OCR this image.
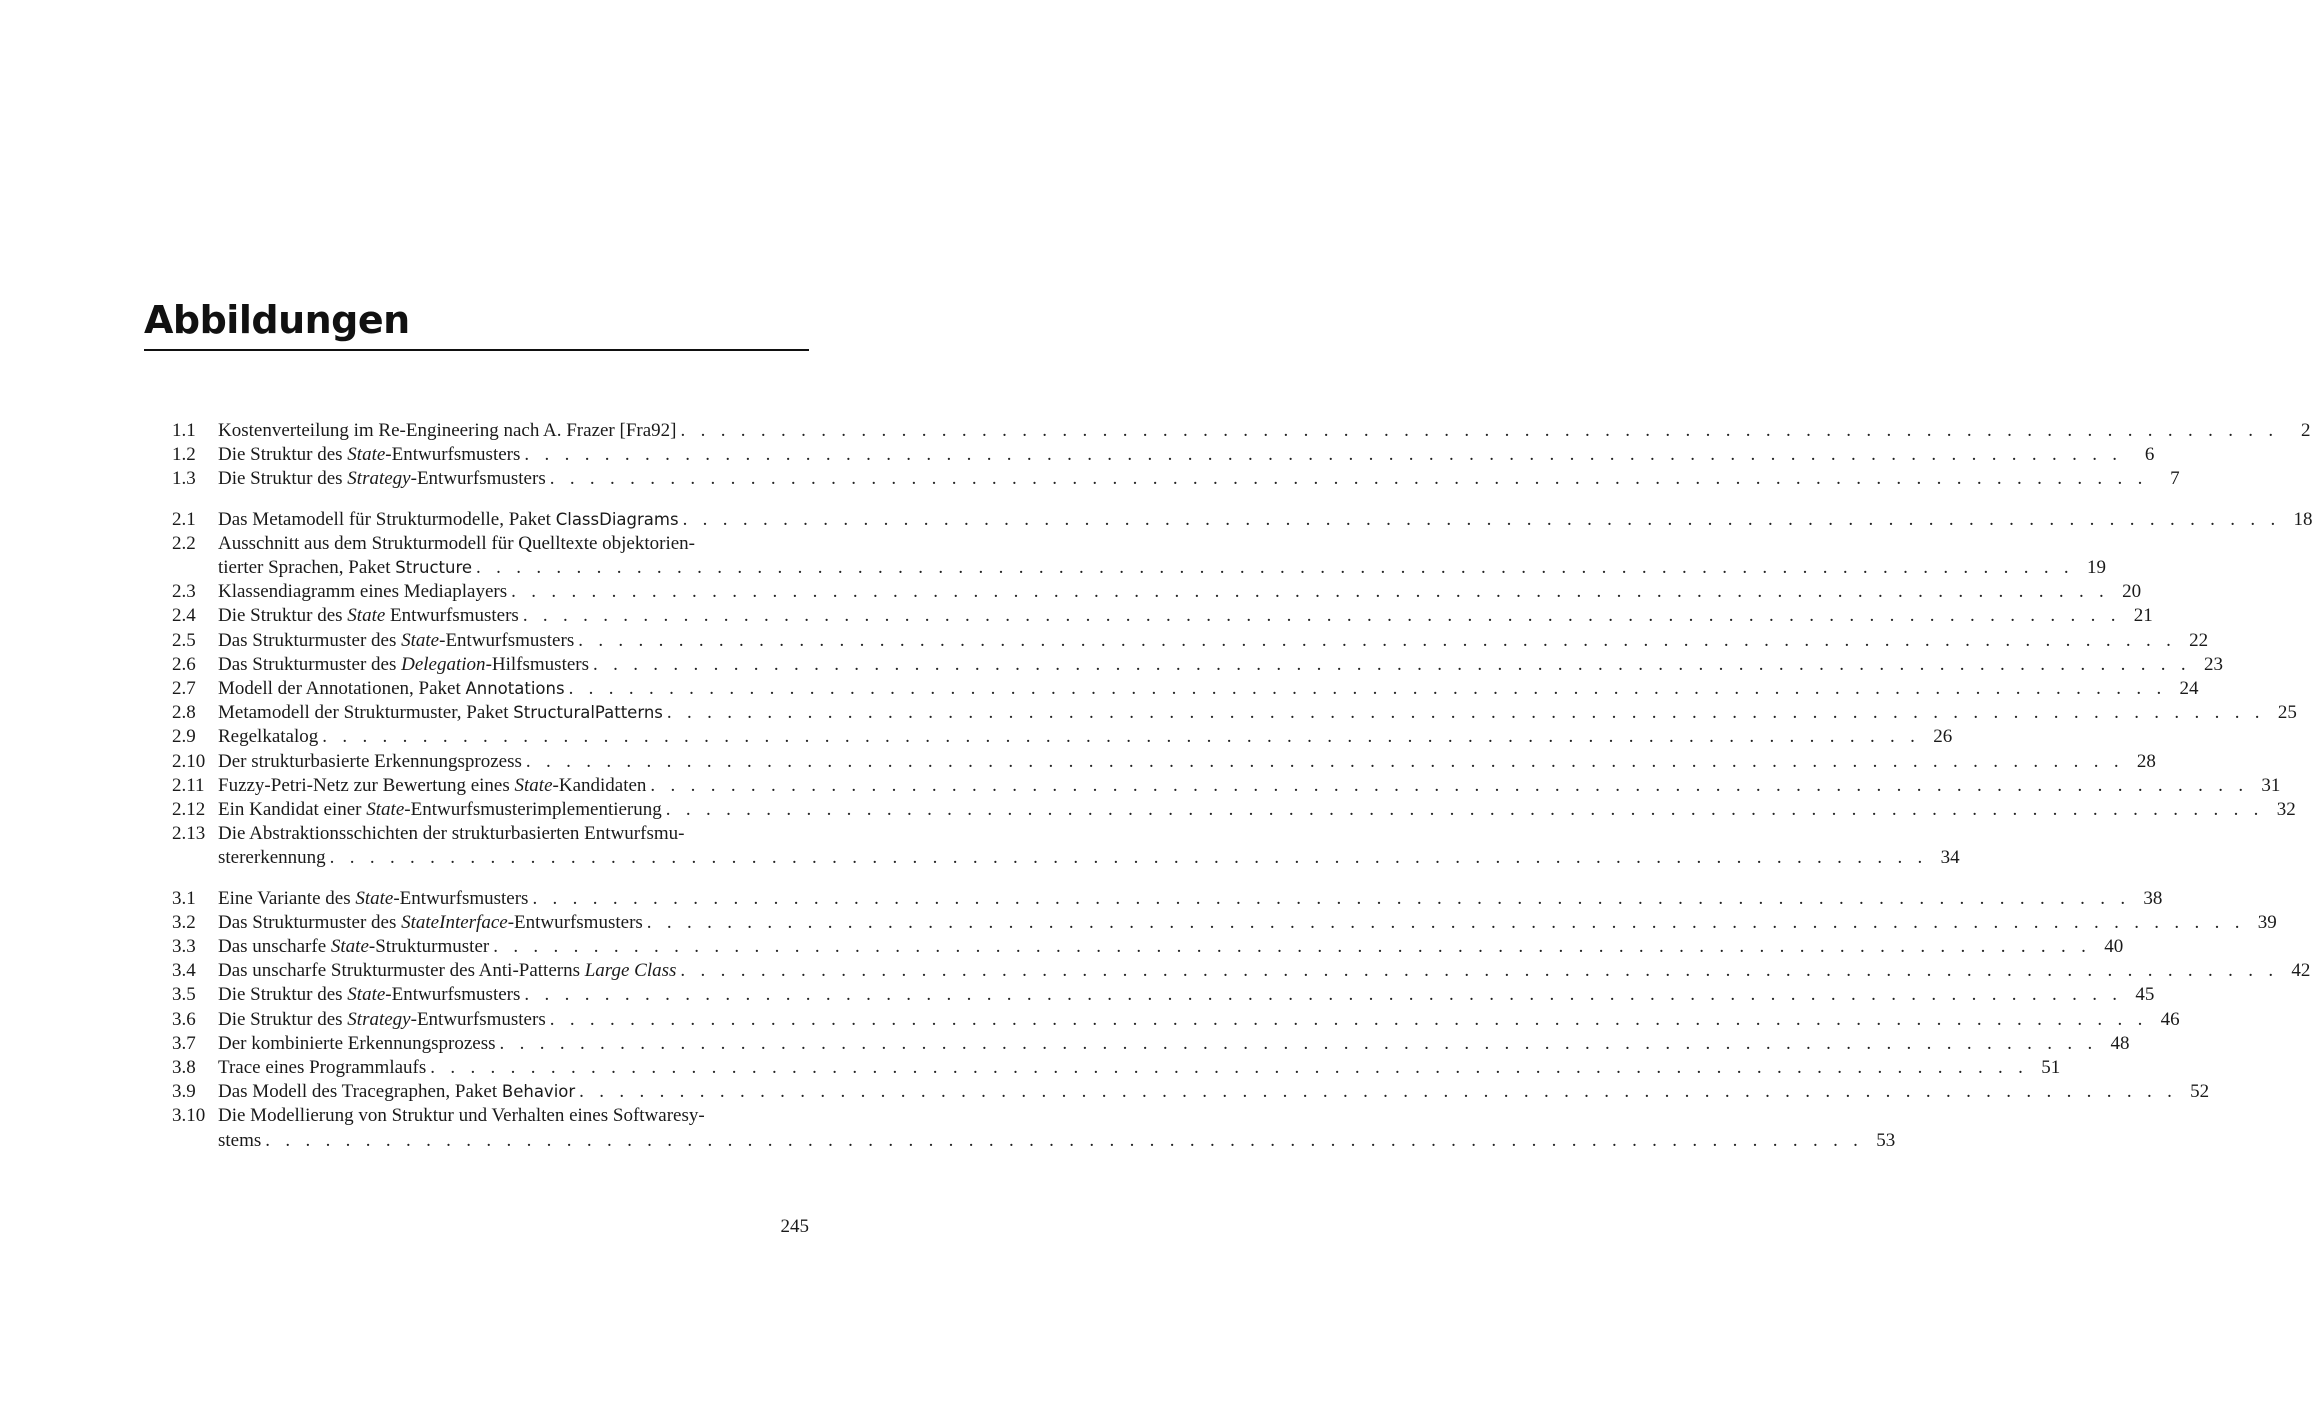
Abbildungen
1.1	Kostenverteilung im Re-Engineering nach A. Frazer [Fra92] . . . . . . . . . . . . . . . . . . . . . . . . . . . . . . . . . . . . . . . . . . . . . . . . . . . . . . . . . . . . . . . . . . . . . . . . . . . . . . . .	2
1.2	Die Struktur des State-Entwurfsmusters . . . . . . . . . . . . . . . . . . . . . . . . . . . . . . . . . . . . . . . . . . . . . . . . . . . . . . . . . . . . . . . . . . . . . . . . . . . . . . . .	6
1.3	Die Struktur des Strategy-Entwurfsmusters . . . . . . . . . . . . . . . . . . . . . . . . . . . . . . . . . . . . . . . . . . . . . . . . . . . . . . . . . . . . . . . . . . . . . . . . . . . . . . . .	7
2.1	Das Metamodell für Strukturmodelle, Paket ClassDiagrams . . . . . . . . . . . . . . . . . . . . . . . . . . . . . . . . . . . . . . . . . . . . . . . . . . . . . . . . . . . . . . . . . . . . . . . . . . . . . . . . 18
2.2	Ausschnitt aus dem Strukturmodell für Quelltexte objektorien-
tierter Sprachen, Paket Structure . . . . . . . . . . . . . . . . . . . . . . . . . . . . . . . . . . . . . . . . . . . . . . . . . . . . . . . . . . . . . . . . . . . . . . . . . . . . . . . . 19
2.3	Klassendiagramm eines Mediaplayers . . . . . . . . . . . . . . . . . . . . . . . . . . . . . . . . . . . . . . . . . . . . . . . . . . . . . . . . . . . . . . . . . . . . . . . . . . . . . . . . 20
2.4	Die Struktur des State Entwurfsmusters . . . . . . . . . . . . . . . . . . . . . . . . . . . . . . . . . . . . . . . . . . . . . . . . . . . . . . . . . . . . . . . . . . . . . . . . . . . . . . . . 21
2.5	Das Strukturmuster des State-Entwurfsmusters . . . . . . . . . . . . . . . . . . . . . . . . . . . . . . . . . . . . . . . . . . . . . . . . . . . . . . . . . . . . . . . . . . . . . . . . . . . . . . . . 22
2.6	Das Strukturmuster des Delegation-Hilfsmusters . . . . . . . . . . . . . . . . . . . . . . . . . . . . . . . . . . . . . . . . . . . . . . . . . . . . . . . . . . . . . . . . . . . . . . . . . . . . . . . . 23
2.7	Modell der Annotationen, Paket Annotations . . . . . . . . . . . . . . . . . . . . . . . . . . . . . . . . . . . . . . . . . . . . . . . . . . . . . . . . . . . . . . . . . . . . . . . . . . . . . . . . 24
2.8	Metamodell der Strukturmuster, Paket StructuralPatterns . . . . . . . . . . . . . . . . . . . . . . . . . . . . . . . . . . . . . . . . . . . . . . . . . . . . . . . . . . . . . . . . . . . . . . . . . . . . . . . . 25
2.9	Regelkatalog . . . . . . . . . . . . . . . . . . . . . . . . . . . . . . . . . . . . . . . . . . . . . . . . . . . . . . . . . . . . . . . . . . . . . . . . . . . . . . . . 26
2.10 Der strukturbasierte Erkennungsprozess . . . . . . . . . . . . . . . . . . . . . . . . . . . . . . . . . . . . . . . . . . . . . . . . . . . . . . . . . . . . . . . . . . . . . . . . . . . . . . . . 28
2.11 Fuzzy-Petri-Netz zur Bewertung eines State-Kandidaten . . . . . . . . . . . . . . . . . . . . . . . . . . . . . . . . . . . . . . . . . . . . . . . . . . . . . . . . . . . . . . . . . . . . . . . . . . . . . . . . 31
2.12 Ein Kandidat einer State-Entwurfsmusterimplementierung . . . . . . . . . . . . . . . . . . . . . . . . . . . . . . . . . . . . . . . . . . . . . . . . . . . . . . . . . . . . . . . . . . . . . . . . . . . . . . . . 32
2.13 Die Abstraktionsschichten der strukturbasierten Entwurfsmu-
stererkennung . . . . . . . . . . . . . . . . . . . . . . . . . . . . . . . . . . . . . . . . . . . . . . . . . . . . . . . . . . . . . . . . . . . . . . . . . . . . . . . . 34
3.1	Eine Variante des State-Entwurfsmusters . . . . . . . . . . . . . . . . . . . . . . . . . . . . . . . . . . . . . . . . . . . . . . . . . . . . . . . . . . . . . . . . . . . . . . . . . . . . . . . . 38
3.2	Das Strukturmuster des StateInterface-Entwurfsmusters . . . . . . . . . . . . . . . . . . . . . . . . . . . . . . . . . . . . . . . . . . . . . . . . . . . . . . . . . . . . . . . . . . . . . . . . . . . . . . . . 39
3.3	Das unscharfe State-Strukturmuster . . . . . . . . . . . . . . . . . . . . . . . . . . . . . . . . . . . . . . . . . . . . . . . . . . . . . . . . . . . . . . . . . . . . . . . . . . . . . . . . 40
3.4	Das unscharfe Strukturmuster des Anti-Patterns Large Class . . . . . . . . . . . . . . . . . . . . . . . . . . . . . . . . . . . . . . . . . . . . . . . . . . . . . . . . . . . . . . . . . . . . . . . . . . . . . . . . 42
3.5	Die Struktur des State-Entwurfsmusters . . . . . . . . . . . . . . . . . . . . . . . . . . . . . . . . . . . . . . . . . . . . . . . . . . . . . . . . . . . . . . . . . . . . . . . . . . . . . . . . 45
3.6	Die Struktur des Strategy-Entwurfsmusters . . . . . . . . . . . . . . . . . . . . . . . . . . . . . . . . . . . . . . . . . . . . . . . . . . . . . . . . . . . . . . . . . . . . . . . . . . . . . . . . 46
3.7	Der kombinierte Erkennungsprozess . . . . . . . . . . . . . . . . . . . . . . . . . . . . . . . . . . . . . . . . . . . . . . . . . . . . . . . . . . . . . . . . . . . . . . . . . . . . . . . . 48
3.8	Trace eines Programmlaufs . . . . . . . . . . . . . . . . . . . . . . . . . . . . . . . . . . . . . . . . . . . . . . . . . . . . . . . . . . . . . . . . . . . . . . . . . . . . . . . . 51
3.9	Das Modell des Tracegraphen, Paket Behavior . . . . . . . . . . . . . . . . . . . . . . . . . . . . . . . . . . . . . . . . . . . . . . . . . . . . . . . . . . . . . . . . . . . . . . . . . . . . . . . . 52
3.10 Die Modellierung von Struktur und Verhalten eines Softwaresy-
stems . . . . . . . . . . . . . . . . . . . . . . . . . . . . . . . . . . . . . . . . . . . . . . . . . . . . . . . . . . . . . . . . . . . . . . . . . . . . . . . . 53
245
